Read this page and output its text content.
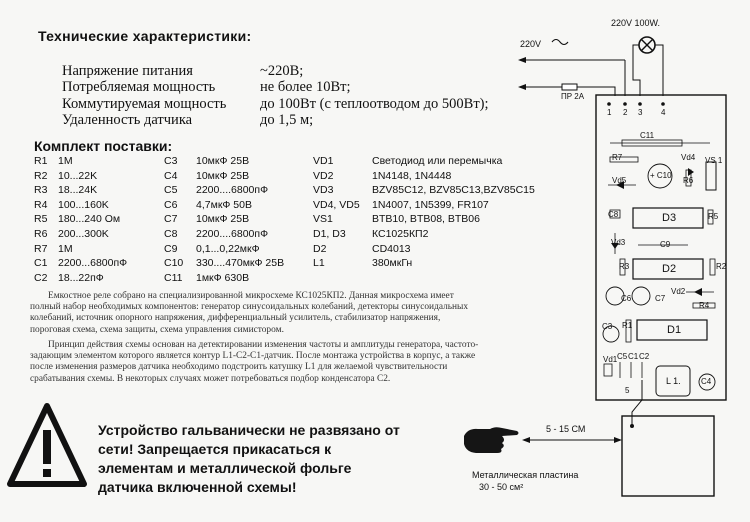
Технические характеристики:
Напряжение питания	~220В;
Потребляемая мощность	не более 10Вт;
Коммутируемая мощность до 100Вт (с теплоотводом до 500Вт);
Удаленность датчика	до 1,5 м;
Комплект поставки:
R1 1M
R2 10...22K
R3 18...24K
R4 100...160K
R5 180...240 Ом
R6 200...300K
R7 1M
C1 2200...6800пФ
C2 18...22пФ
C3 10мкФ 25В
C4 10мкФ 25В
C5 2200....6800пФ
C6 4,7мкФ 50В
C7 10мкФ 25В
C8 2200....6800пФ
C9 0,1...0,22мкФ
C10 330....470мкФ 25В
C11 1мкФ 630В
VD1	Светодиод или перемычка
VD2	1N4148, 1N4448
VD3	BZV85C12, BZV85C13,BZV85C15
VD4, VD5 1N4007, 1N5399, FR107
VS1	BTB10, BTB08, BTB06
D1, D3	КС1025КП2
D2	CD4013
L1	380мкГн
Емкостное реле собрано на специализированной микросхеме КС1025КП2. Данная микросхема имеет
полный набор необходимых компонентов: генератор синусоидальных колебаний, детекторы синусоидальных
колебаний, источник опорного напряжения, дифференциальный усилитель, стабилизатор напряжения,
пороговая схема, схема защиты, схема управления симистором.
Принцип действия схемы основан на детектировании изменения частоты и амплитуды генератора, частото-
задающим элементом которого является контур L1-C2-C1-датчик. После монтажа устройства в корпус, а также
после изменения размеров датчика необходимо подстроить катушку L1 для желаемой чувствительности
срабатывания схемы. В некоторых случаях может потребоваться подбор конденсатора С2.
Устройство гальванически не развязано от
сети! Запрещается прикасаться к
элементам и металлической фольге
датчика включенной схемы!
220V 100W.
220V
ПР 2А
1 2 3 4
C11
R7	Vd4
+ C10
VS 1
Vd5	R6
C8	D3	R5
Vd3	C9
R3	D2	R2
C6	C7
Vd2
R4
C3 R1	D1
Vd1 C5 C1 C2
L 1.	C4
5
5 - 15 СМ
Металлическая пластина
30 - 50 см²
